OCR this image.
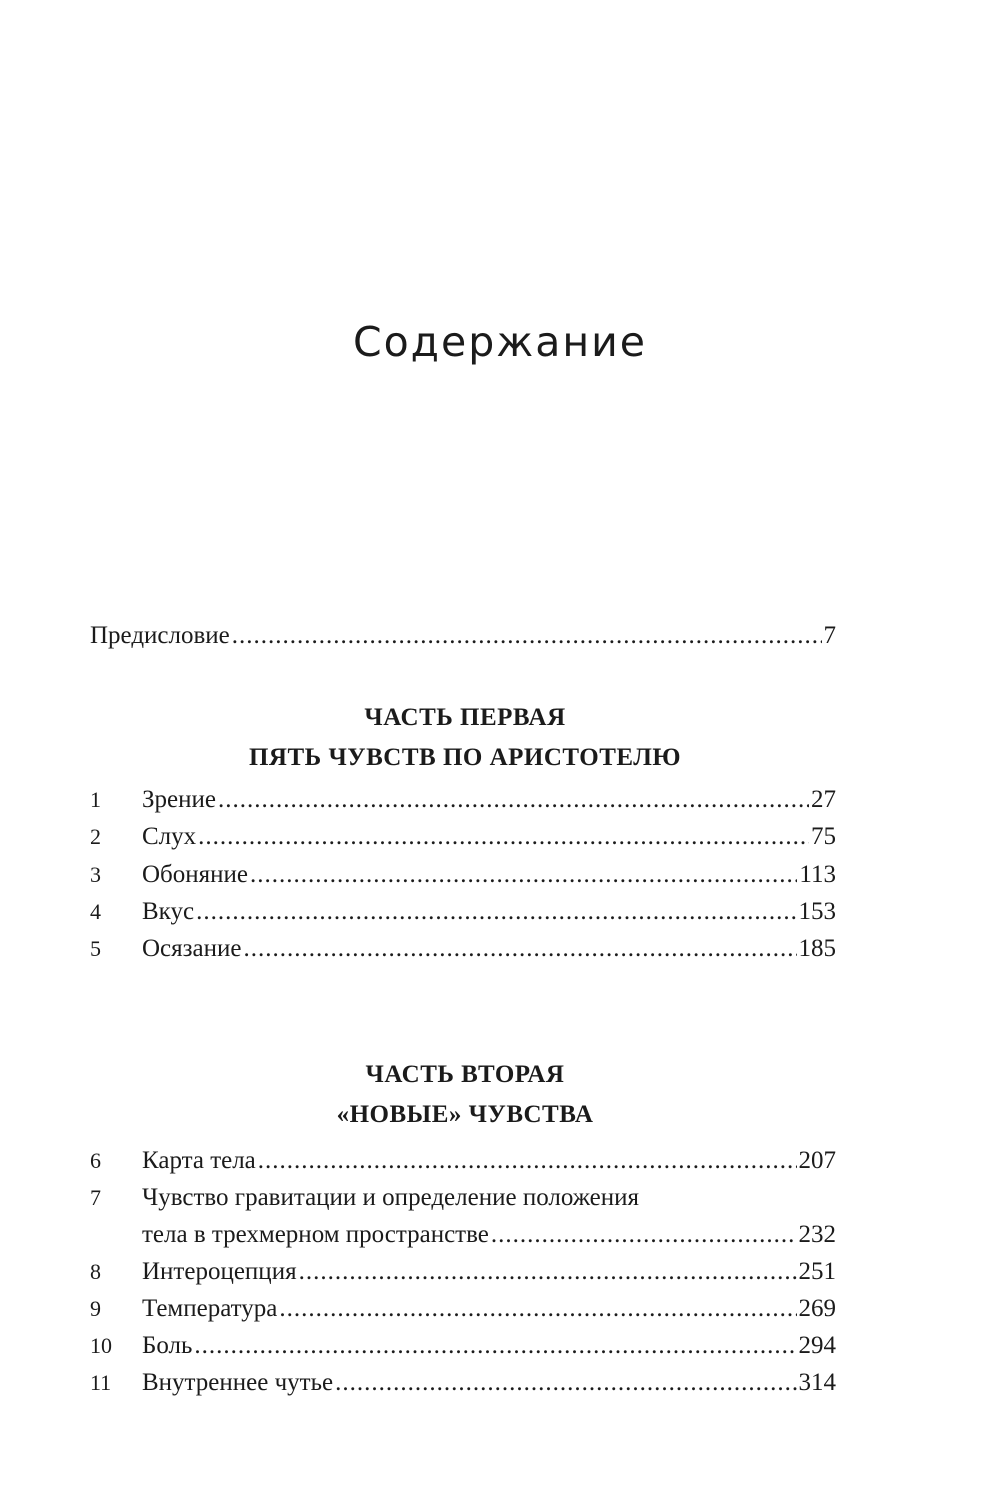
Содержание
Предисловие .....	7
ЧАСТЬ ПЕРВАЯ
ПЯТЬ ЧУВСТВ ПО АРИСТОТЕЛЮ
1	Зрение .....	27
2	Слух .....	75
3	Обоняние .....	113
4	Вкус .....	153
5	Осязание .....	185
ЧАСТЬ ВТОРАЯ
«НОВЫЕ» ЧУВСТВА
6	Карта тела .....	207
7	Чувство гравитации и определение положения
тела в трехмерном пространстве .....	232
8	Интероцепция .....	251
9	Температура .....	269
10	Боль .....	294
11	Внутреннее чутье .....	314
